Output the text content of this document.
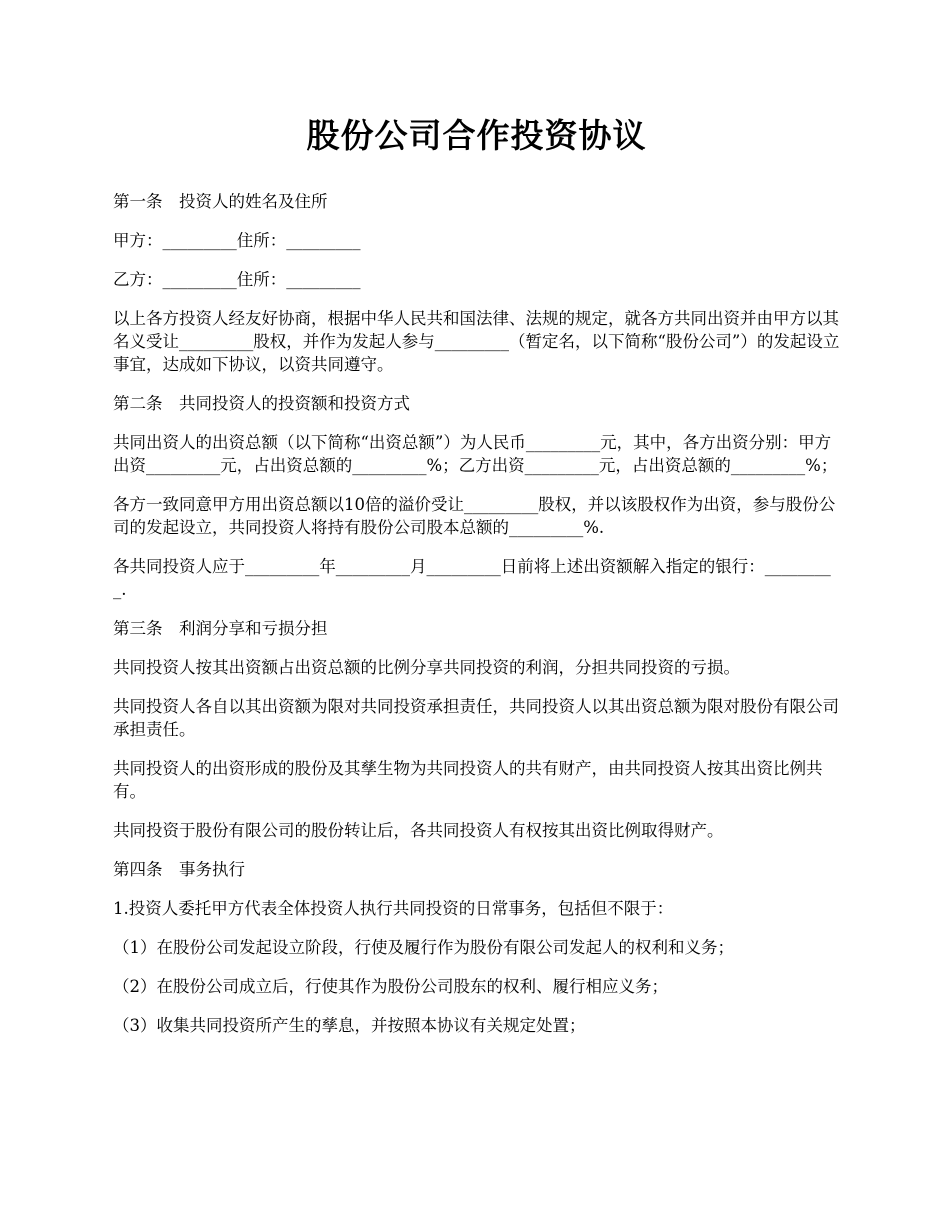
股份公司合作投资协议

第一条　投资人的姓名及住所

甲方：_________住所：_________

乙方：_________住所：_________

以上各方投资人经友好协商，根据中华人民共和国法律、法规的规定，就各方共同出资并由甲方以其名义受让_________股权，并作为发起人参与_________（暂定名，以下简称“股份公司”）的发起设立事宜，达成如下协议，以资共同遵守。

第二条　共同投资人的投资额和投资方式

共同出资人的出资总额（以下简称“出资总额”）为人民币_________元，其中，各方出资分别：甲方出资_________元，占出资总额的_________%；乙方出资_________元，占出资总额的_________%；

各方一致同意甲方用出资总额以10倍的溢价受让_________股权，并以该股权作为出资，参与股份公司的发起设立，共同投资人将持有股份公司股本总额的_________%.

各共同投资人应于_________年_________月_________日前将上述出资额解入指定的银行：_________.

第三条　利润分享和亏损分担

共同投资人按其出资额占出资总额的比例分享共同投资的利润，分担共同投资的亏损。

共同投资人各自以其出资额为限对共同投资承担责任，共同投资人以其出资总额为限对股份有限公司承担责任。

共同投资人的出资形成的股份及其孳生物为共同投资人的共有财产，由共同投资人按其出资比例共有。

共同投资于股份有限公司的股份转让后，各共同投资人有权按其出资比例取得财产。

第四条　事务执行

1.投资人委托甲方代表全体投资人执行共同投资的日常事务，包括但不限于：

（1）在股份公司发起设立阶段，行使及履行作为股份有限公司发起人的权利和义务；

（2）在股份公司成立后，行使其作为股份公司股东的权利、履行相应义务；

（3）收集共同投资所产生的孳息，并按照本协议有关规定处置；
